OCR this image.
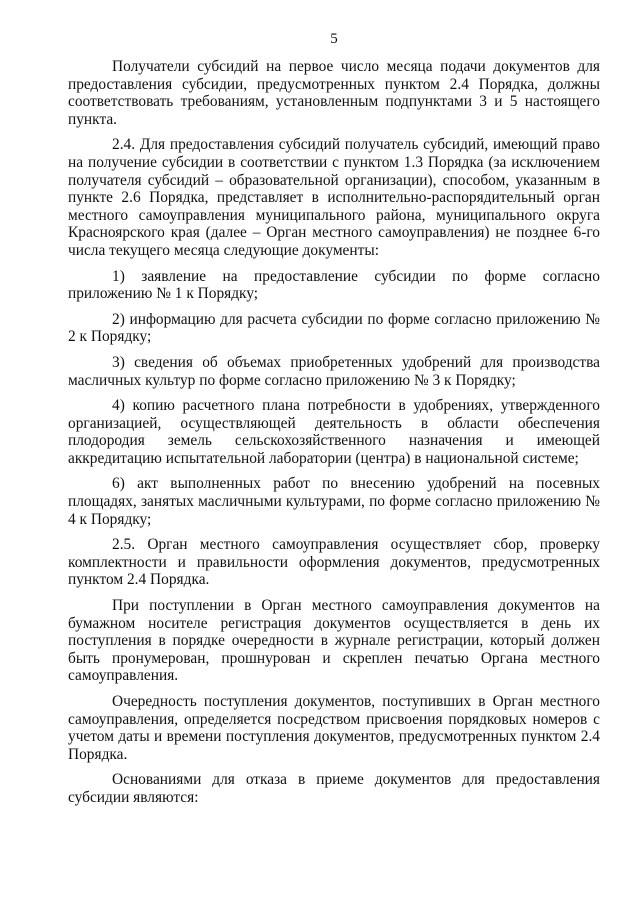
5

Получатели субсидий на первое число месяца подачи документов для предоставления субсидии, предусмотренных пунктом 2.4 Порядка, должны соответствовать требованиям, установленным подпунктами 3 и 5 настоящего пункта.

2.4. Для предоставления субсидий получатель субсидий, имеющий право на получение субсидии в соответствии с пунктом 1.3 Порядка (за исключением получателя субсидий – образовательной организации), способом, указанным в пункте 2.6 Порядка, представляет в исполнительно-распорядительный орган местного самоуправления муниципального района, муниципального округа Красноярского края (далее – Орган местного самоуправления) не позднее 6-го числа текущего месяца следующие документы:

1) заявление на предоставление субсидии по форме согласно приложению № 1 к Порядку;

2) информацию для расчета субсидии по форме согласно приложению № 2 к Порядку;

3) сведения об объемах приобретенных удобрений для производства масличных культур по форме согласно приложению № 3 к Порядку;

4) копию расчетного плана потребности в удобрениях, утвержденного организацией, осуществляющей деятельность в области обеспечения плодородия земель сельскохозяйственного назначения и имеющей аккредитацию испытательной лаборатории (центра) в национальной системе;

6) акт выполненных работ по внесению удобрений на посевных площадях, занятых масличными культурами, по форме согласно приложению № 4 к Порядку;

2.5. Орган местного самоуправления осуществляет сбор, проверку комплектности и правильности оформления документов, предусмотренных пунктом 2.4 Порядка.

При поступлении в Орган местного самоуправления документов на бумажном носителе регистрация документов осуществляется в день их поступления в порядке очередности в журнале регистрации, который должен быть пронумерован, прошнурован и скреплен печатью Органа местного самоуправления.

Очередность поступления документов, поступивших в Орган местного самоуправления, определяется посредством присвоения порядковых номеров с учетом даты и времени поступления документов, предусмотренных пунктом 2.4 Порядка.

Основаниями для отказа в приеме документов для предоставления субсидии являются:
